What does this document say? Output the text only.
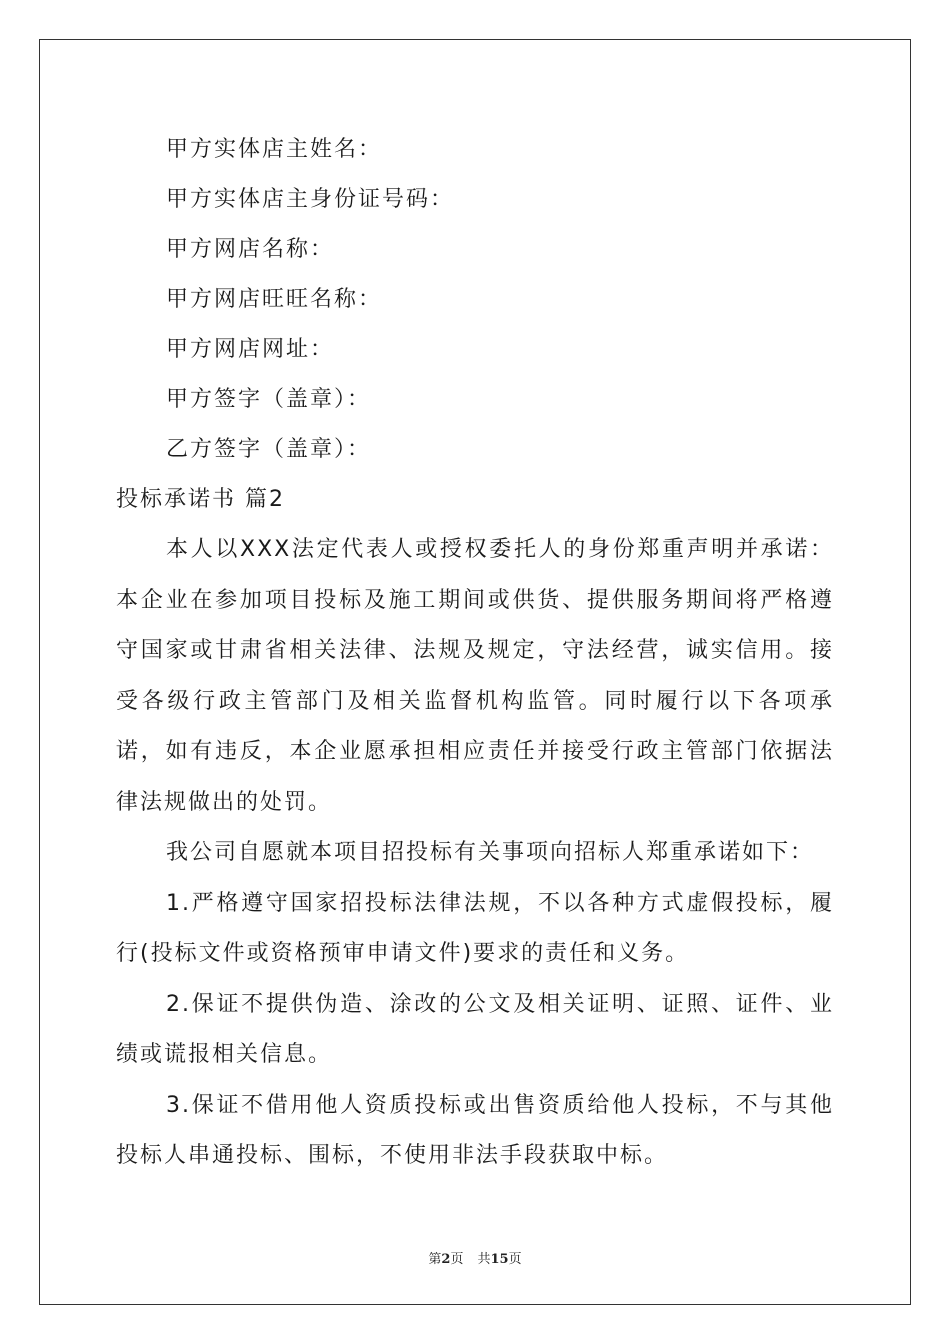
甲方实体店主姓名：
甲方实体店主身份证号码：
甲方网店名称：
甲方网店旺旺名称：
甲方网店网址：
甲方签字（盖章）：
乙方签字（盖章）：
投标承诺书 篇2

本人以XXX法定代表人或授权委托人的身份郑重声明并承诺：本企业在参加项目投标及施工期间或供货、提供服务期间将严格遵守国家或甘肃省相关法律、法规及规定，守法经营，诚实信用。接受各级行政主管部门及相关监督机构监管。同时履行以下各项承诺，如有违反，本企业愿承担相应责任并接受行政主管部门依据法律法规做出的处罚。

我公司自愿就本项目招投标有关事项向招标人郑重承诺如下：

1.严格遵守国家招投标法律法规，不以各种方式虚假投标，履行(投标文件或资格预审申请文件)要求的责任和义务。

2.保证不提供伪造、涂改的公文及相关证明、证照、证件、业绩或谎报相关信息。

3.保证不借用他人资质投标或出售资质给他人投标，不与其他投标人串通投标、围标，不使用非法手段获取中标。

第2页 共15页
